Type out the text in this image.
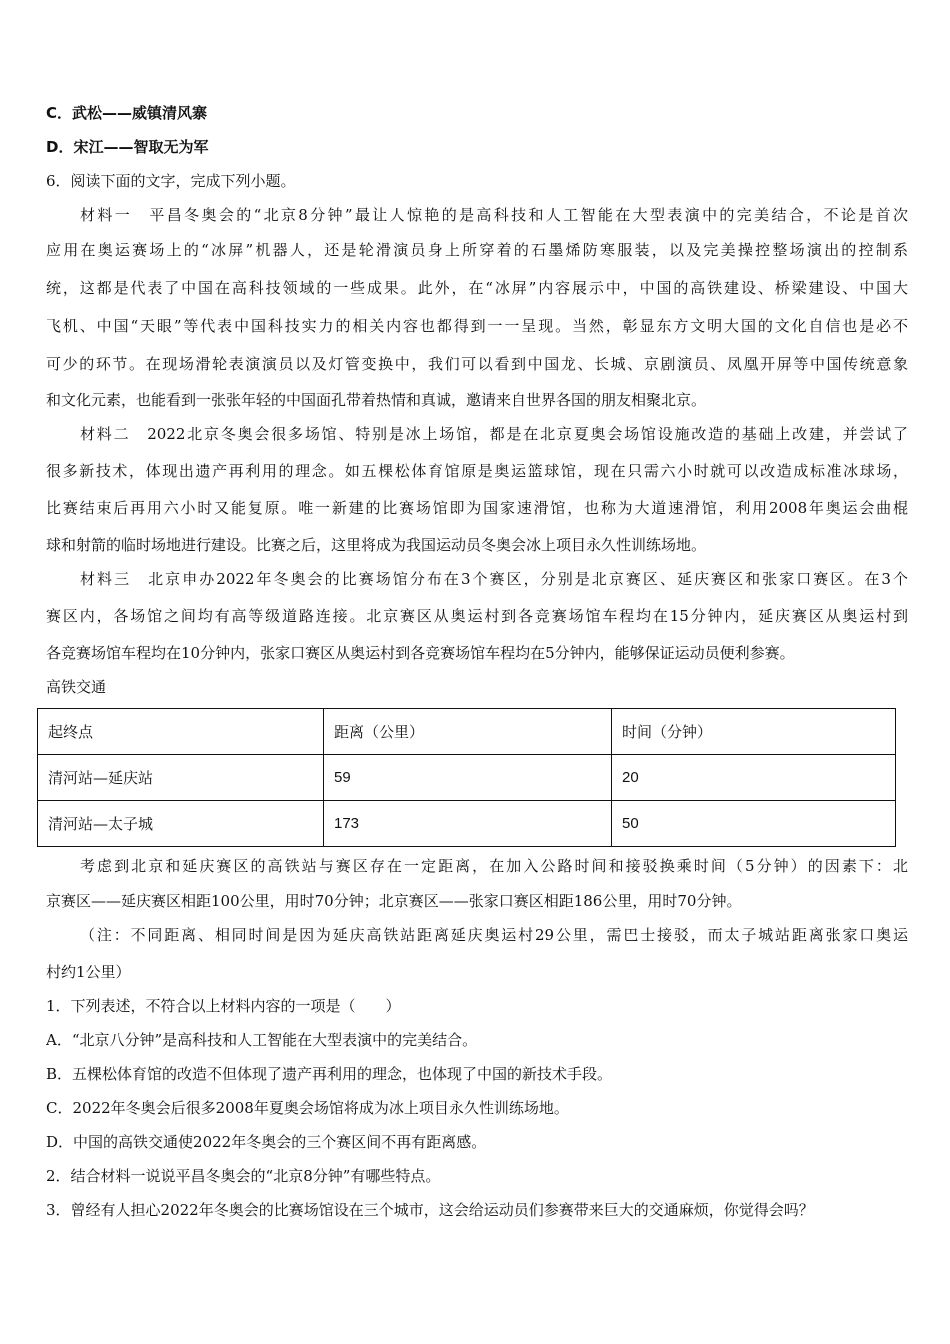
C．武松——威镇清风寨
D．宋江——智取无为军
6．阅读下面的文字，完成下列小题。
材料一　平昌冬奥会的“北京8分钟”最让人惊艳的是高科技和人工智能在大型表演中的完美结合，不论是首次
应用在奥运赛场上的“冰屏”机器人，还是轮滑演员身上所穿着的石墨烯防寒服装，以及完美操控整场演出的控制系
统，这都是代表了中国在高科技领域的一些成果。此外，在“冰屏”内容展示中，中国的高铁建设、桥梁建设、中国大
飞机、中国“天眼”等代表中国科技实力的相关内容也都得到一一呈现。当然，彰显东方文明大国的文化自信也是必不
可少的环节。在现场滑轮表演演员以及灯管变换中，我们可以看到中国龙、长城、京剧演员、凤凰开屏等中国传统意象
和文化元素，也能看到一张张年轻的中国面孔带着热情和真诚，邀请来自世界各国的朋友相聚北京。
材料二　2022北京冬奥会很多场馆、特别是冰上场馆，都是在北京夏奥会场馆设施改造的基础上改建，并尝试了
很多新技术，体现出遗产再利用的理念。如五棵松体育馆原是奥运篮球馆，现在只需六小时就可以改造成标准冰球场，
比赛结束后再用六小时又能复原。唯一新建的比赛场馆即为国家速滑馆，也称为大道速滑馆，利用2008年奥运会曲棍
球和射箭的临时场地进行建设。比赛之后，这里将成为我国运动员冬奥会冰上项目永久性训练场地。
材料三　北京申办2022年冬奥会的比赛场馆分布在3个赛区，分别是北京赛区、延庆赛区和张家口赛区。在3个
赛区内，各场馆之间均有高等级道路连接。北京赛区从奥运村到各竞赛场馆车程均在15分钟内，延庆赛区从奥运村到
各竞赛场馆车程均在10分钟内，张家口赛区从奥运村到各竞赛场馆车程均在5分钟内，能够保证运动员便利参赛。
高铁交通
起终点	距离（公里）	时间（分钟）
清河站—延庆站	59	20
清河站—太子城	173	50
考虑到北京和延庆赛区的高铁站与赛区存在一定距离，在加入公路时间和接驳换乘时间（5分钟）的因素下：北
京赛区——延庆赛区相距100公里，用时70分钟；北京赛区——张家口赛区相距186公里，用时70分钟。
（注：不同距离、相同时间是因为延庆高铁站距离延庆奥运村29公里，需巴士接驳，而太子城站距离张家口奥运
村约1公里）
1．下列表述，不符合以上材料内容的一项是（　　）
A．“北京八分钟”是高科技和人工智能在大型表演中的完美结合。
B．五棵松体育馆的改造不但体现了遗产再利用的理念，也体现了中国的新技术手段。
C．2022年冬奥会后很多2008年夏奥会场馆将成为冰上项目永久性训练场地。
D．中国的高铁交通使2022年冬奥会的三个赛区间不再有距离感。
2．结合材料一说说平昌冬奥会的“北京8分钟”有哪些特点。
3．曾经有人担心2022年冬奥会的比赛场馆设在三个城市，这会给运动员们参赛带来巨大的交通麻烦，你觉得会吗？
